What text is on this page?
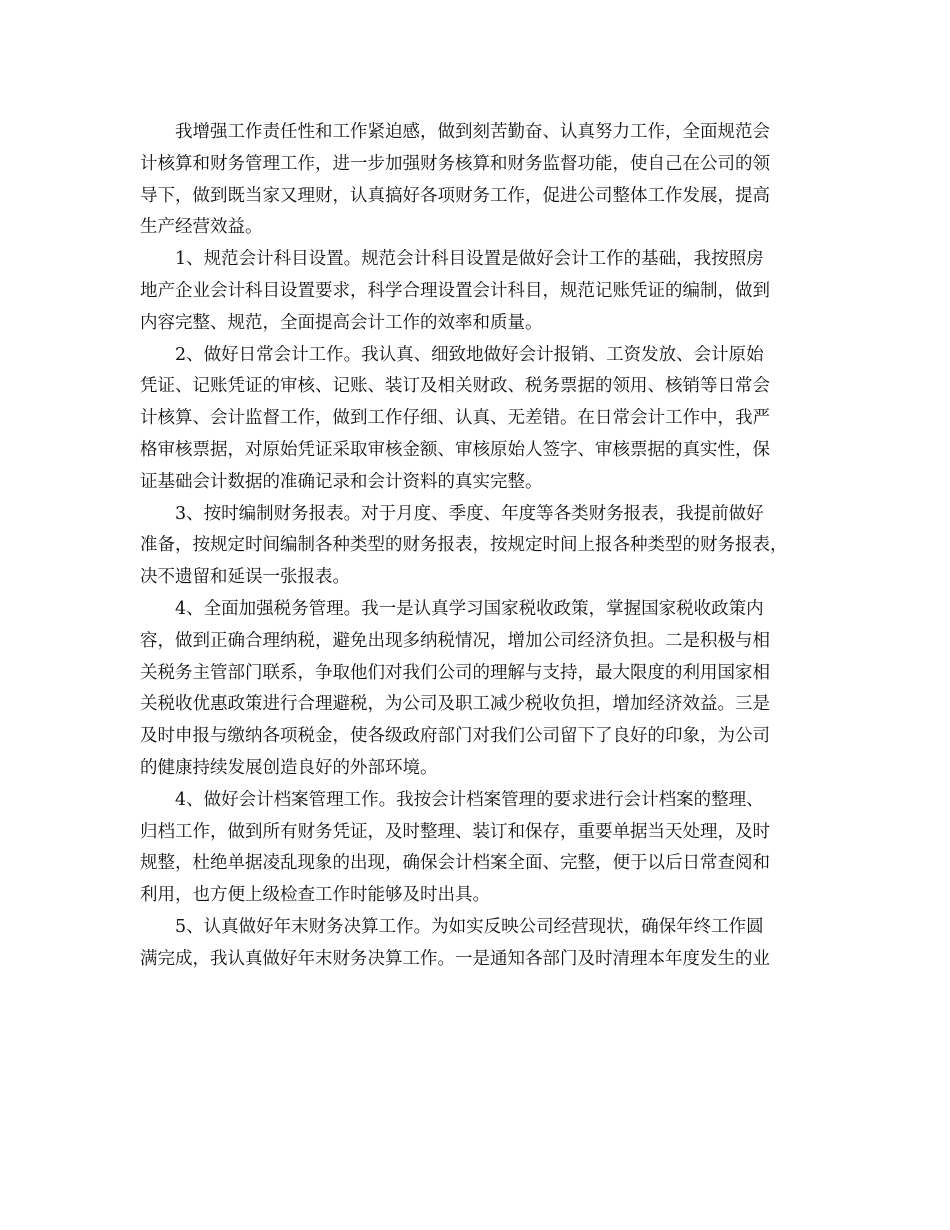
我增强工作责任性和工作紧迫感，做到刻苦勤奋、认真努力工作，全面规范会
计核算和财务管理工作，进一步加强财务核算和财务监督功能，使自己在公司的领
导下，做到既当家又理财，认真搞好各项财务工作，促进公司整体工作发展，提高
生产经营效益。
1、规范会计科目设置。规范会计科目设置是做好会计工作的基础，我按照房
地产企业会计科目设置要求，科学合理设置会计科目，规范记账凭证的编制，做到
内容完整、规范，全面提高会计工作的效率和质量。
2、做好日常会计工作。我认真、细致地做好会计报销、工资发放、会计原始
凭证、记账凭证的审核、记账、装订及相关财政、税务票据的领用、核销等日常会
计核算、会计监督工作，做到工作仔细、认真、无差错。在日常会计工作中，我严
格审核票据，对原始凭证采取审核金额、审核原始人签字、审核票据的真实性，保
证基础会计数据的准确记录和会计资料的真实完整。
3、按时编制财务报表。对于月度、季度、年度等各类财务报表，我提前做好
准备，按规定时间编制各种类型的财务报表，按规定时间上报各种类型的财务报表，
决不遗留和延误一张报表。
4、全面加强税务管理。我一是认真学习国家税收政策，掌握国家税收政策内
容，做到正确合理纳税，避免出现多纳税情况，增加公司经济负担。二是积极与相
关税务主管部门联系，争取他们对我们公司的理解与支持，最大限度的利用国家相
关税收优惠政策进行合理避税，为公司及职工减少税收负担，增加经济效益。三是
及时申报与缴纳各项税金，使各级政府部门对我们公司留下了良好的印象，为公司
的健康持续发展创造良好的外部环境。
4、做好会计档案管理工作。我按会计档案管理的要求进行会计档案的整理、
归档工作，做到所有财务凭证，及时整理、装订和保存，重要单据当天处理，及时
规整，杜绝单据凌乱现象的出现，确保会计档案全面、完整，便于以后日常查阅和
利用，也方便上级检查工作时能够及时出具。
5、认真做好年末财务决算工作。为如实反映公司经营现状，确保年终工作圆
满完成，我认真做好年末财务决算工作。一是通知各部门及时清理本年度发生的业
